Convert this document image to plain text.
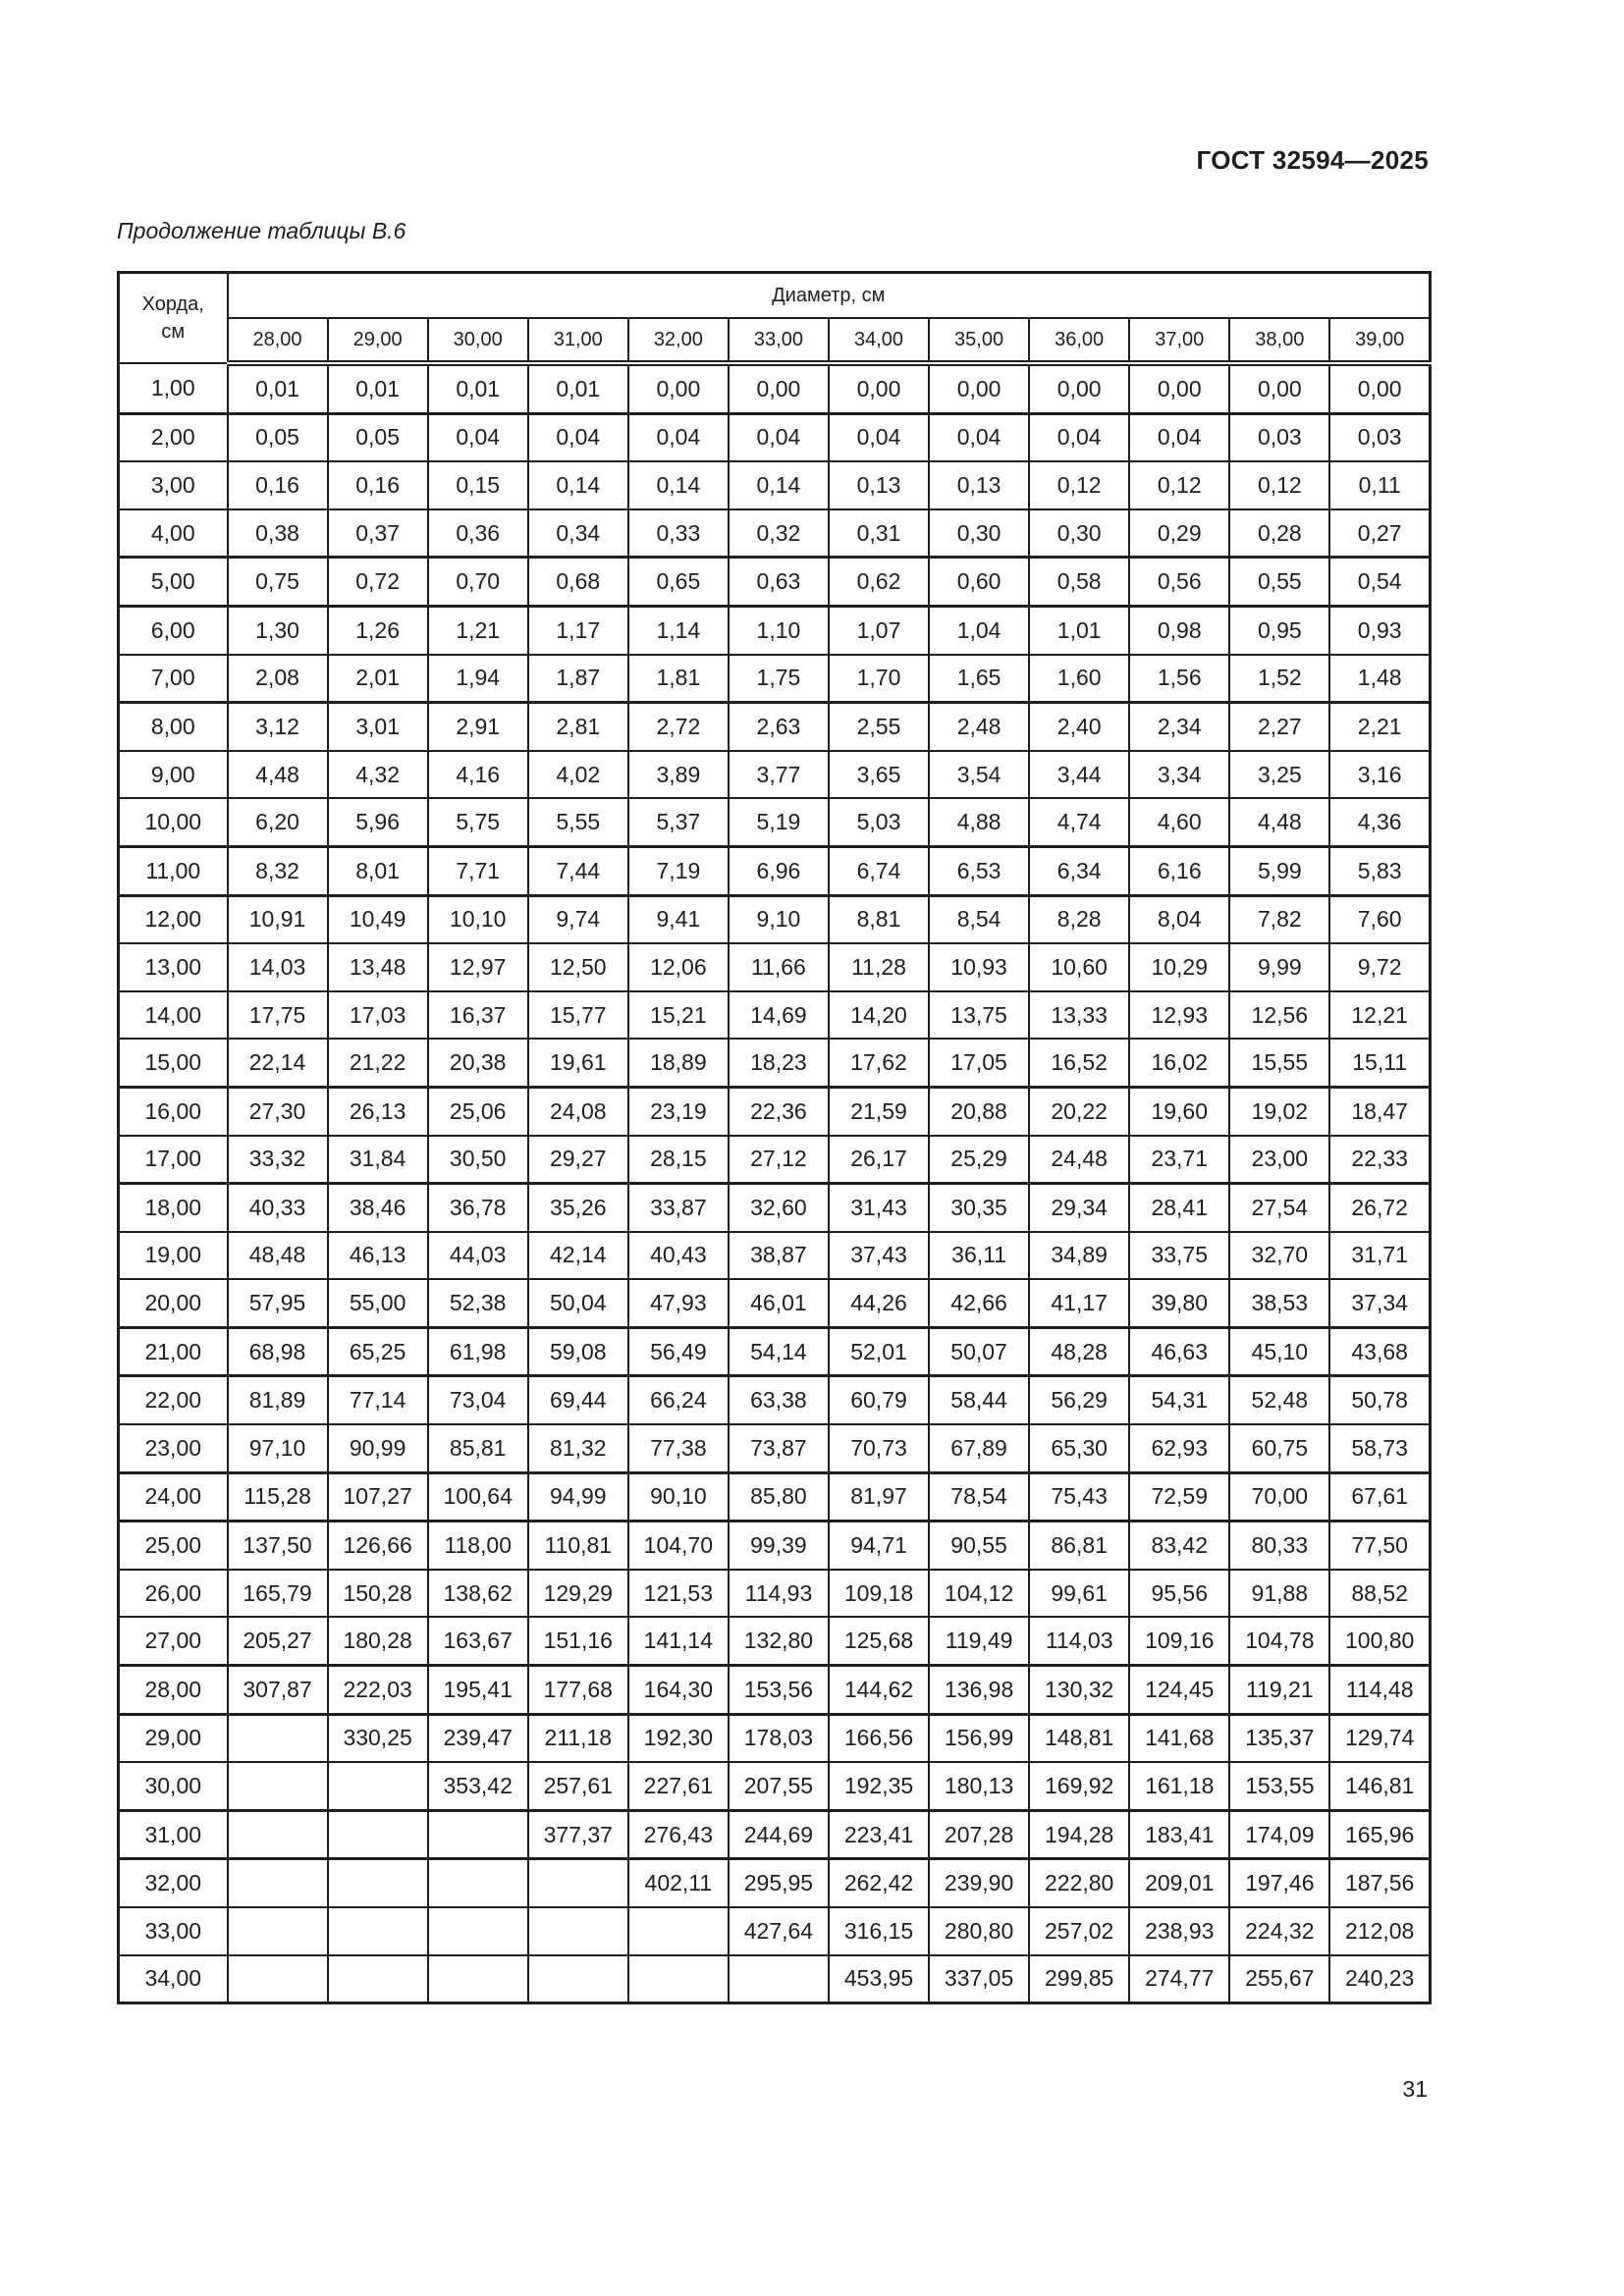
ГОСТ 32594—2025
Продолжение таблицы В.6
Хорда,
см	Диаметр, см											
	28,00	29,00	30,00	31,00	32,00	33,00	34,00	35,00	36,00	37,00	38,00	39,00
1,00	0,01	0,01	0,01	0,01	0,00	0,00	0,00	0,00	0,00	0,00	0,00	0,00
2,00	0,05	0,05	0,04	0,04	0,04	0,04	0,04	0,04	0,04	0,04	0,03	0,03
3,00	0,16	0,16	0,15	0,14	0,14	0,14	0,13	0,13	0,12	0,12	0,12	0,11
4,00	0,38	0,37	0,36	0,34	0,33	0,32	0,31	0,30	0,30	0,29	0,28	0,27
5,00	0,75	0,72	0,70	0,68	0,65	0,63	0,62	0,60	0,58	0,56	0,55	0,54
6,00	1,30	1,26	1,21	1,17	1,14	1,10	1,07	1,04	1,01	0,98	0,95	0,93
7,00	2,08	2,01	1,94	1,87	1,81	1,75	1,70	1,65	1,60	1,56	1,52	1,48
8,00	3,12	3,01	2,91	2,81	2,72	2,63	2,55	2,48	2,40	2,34	2,27	2,21
9,00	4,48	4,32	4,16	4,02	3,89	3,77	3,65	3,54	3,44	3,34	3,25	3,16
10,00	6,20	5,96	5,75	5,55	5,37	5,19	5,03	4,88	4,74	4,60	4,48	4,36
11,00	8,32	8,01	7,71	7,44	7,19	6,96	6,74	6,53	6,34	6,16	5,99	5,83
12,00	10,91	10,49	10,10	9,74	9,41	9,10	8,81	8,54	8,28	8,04	7,82	7,60
13,00	14,03	13,48	12,97	12,50	12,06	11,66	11,28	10,93	10,60	10,29	9,99	9,72
14,00	17,75	17,03	16,37	15,77	15,21	14,69	14,20	13,75	13,33	12,93	12,56	12,21
15,00	22,14	21,22	20,38	19,61	18,89	18,23	17,62	17,05	16,52	16,02	15,55	15,11
16,00	27,30	26,13	25,06	24,08	23,19	22,36	21,59	20,88	20,22	19,60	19,02	18,47
17,00	33,32	31,84	30,50	29,27	28,15	27,12	26,17	25,29	24,48	23,71	23,00	22,33
18,00	40,33	38,46	36,78	35,26	33,87	32,60	31,43	30,35	29,34	28,41	27,54	26,72
19,00	48,48	46,13	44,03	42,14	40,43	38,87	37,43	36,11	34,89	33,75	32,70	31,71
20,00	57,95	55,00	52,38	50,04	47,93	46,01	44,26	42,66	41,17	39,80	38,53	37,34
21,00	68,98	65,25	61,98	59,08	56,49	54,14	52,01	50,07	48,28	46,63	45,10	43,68
22,00	81,89	77,14	73,04	69,44	66,24	63,38	60,79	58,44	56,29	54,31	52,48	50,78
23,00	97,10	90,99	85,81	81,32	77,38	73,87	70,73	67,89	65,30	62,93	60,75	58,73
24,00	115,28	107,27	100,64	94,99	90,10	85,80	81,97	78,54	75,43	72,59	70,00	67,61
25,00	137,50	126,66	118,00	110,81	104,70	99,39	94,71	90,55	86,81	83,42	80,33	77,50
26,00	165,79	150,28	138,62	129,29	121,53	114,93	109,18	104,12	99,61	95,56	91,88	88,52
27,00	205,27	180,28	163,67	151,16	141,14	132,80	125,68	119,49	114,03	109,16	104,78	100,80
28,00	307,87	222,03	195,41	177,68	164,30	153,56	144,62	136,98	130,32	124,45	119,21	114,48
29,00		330,25	239,47	211,18	192,30	178,03	166,56	156,99	148,81	141,68	135,37	129,74
30,00			353,42	257,61	227,61	207,55	192,35	180,13	169,92	161,18	153,55	146,81
31,00				377,37	276,43	244,69	223,41	207,28	194,28	183,41	174,09	165,96
32,00					402,11	295,95	262,42	239,90	222,80	209,01	197,46	187,56
33,00						427,64	316,15	280,80	257,02	238,93	224,32	212,08
34,00							453,95	337,05	299,85	274,77	255,67	240,23
31
